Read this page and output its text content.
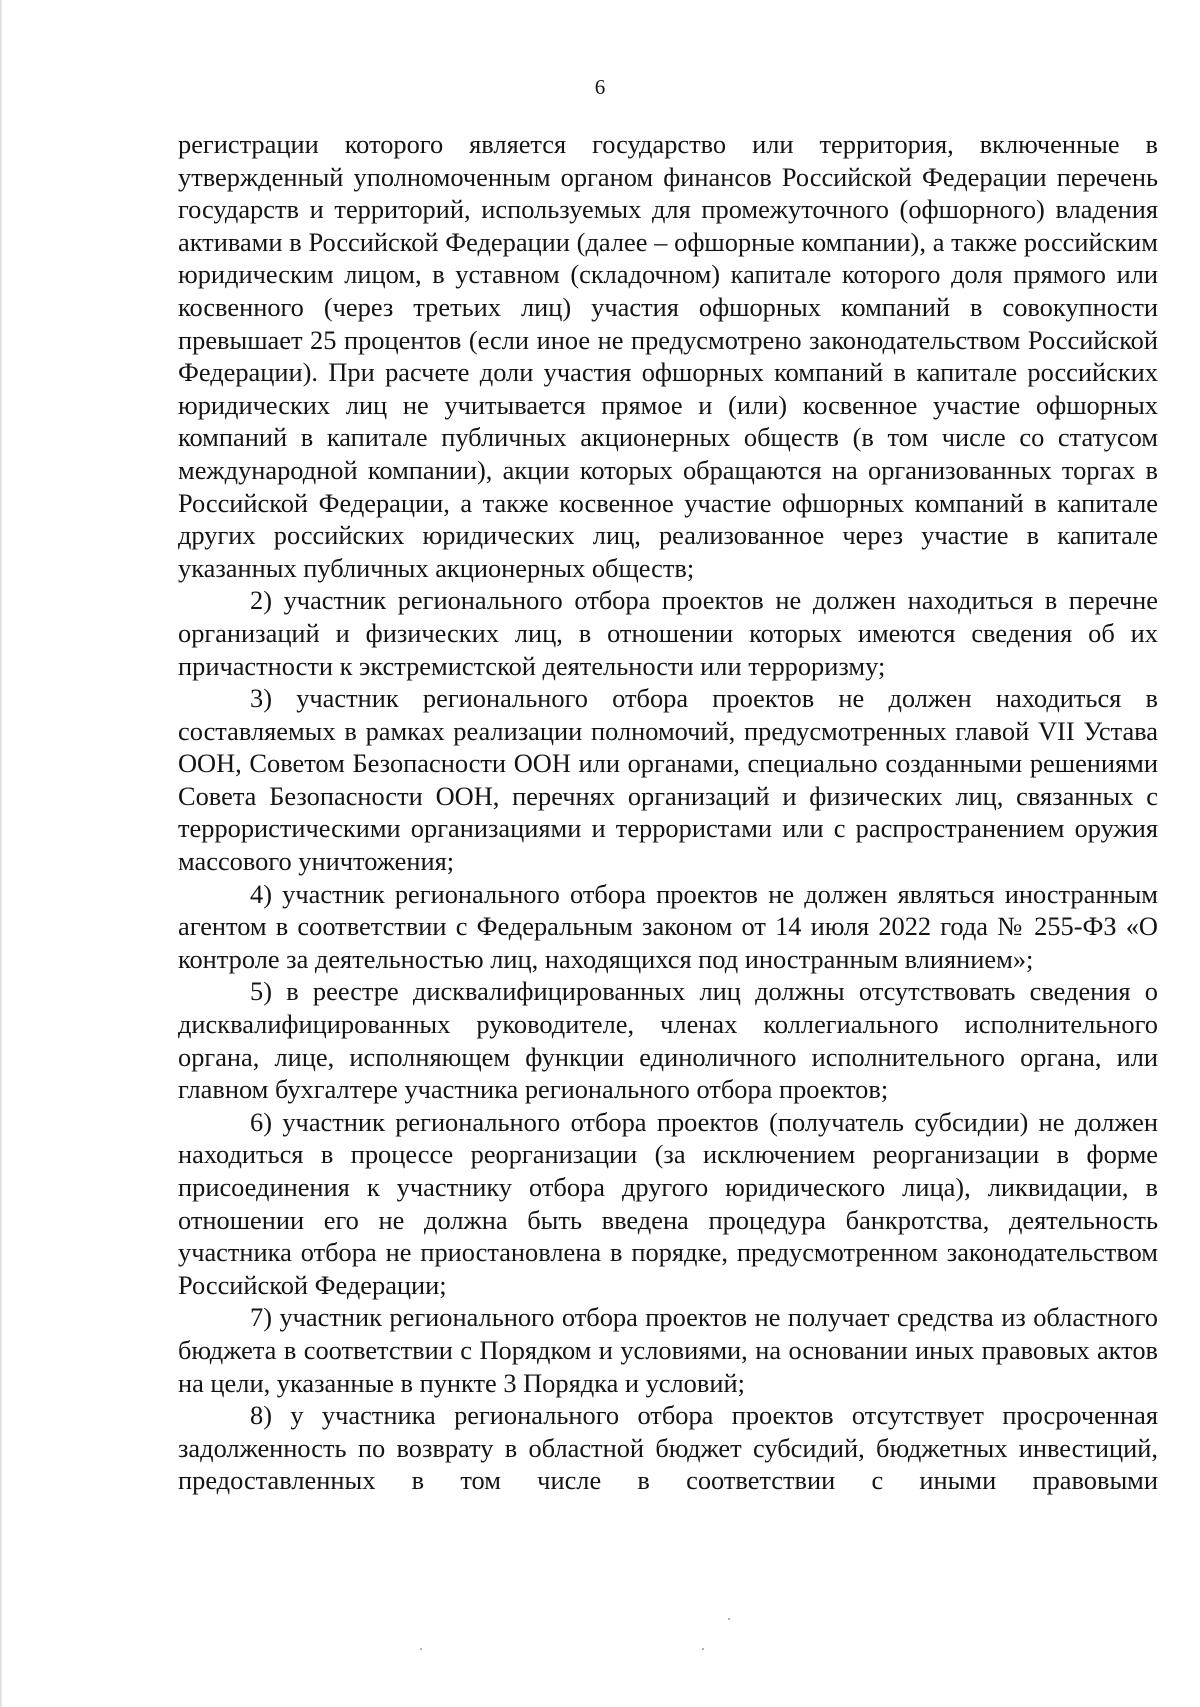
6

регистрации которого является государство или территория, включенные в утвержденный уполномоченным органом финансов Российской Федерации перечень государств и территорий, используемых для промежуточного (офшорного) владения активами в Российской Федерации (далее – офшорные компании), а также российским юридическим лицом, в уставном (складочном) капитале которого доля прямого или косвенного (через третьих лиц) участия офшорных компаний в совокупности превышает 25 процентов (если иное не предусмотрено законодательством Российской Федерации). При расчете доли участия офшорных компаний в капитале российских юридических лиц не учитывается прямое и (или) косвенное участие офшорных компаний в капитале публичных акционерных обществ (в том числе со статусом международной компании), акции которых обращаются на организованных торгах в Российской Федерации, а также косвенное участие офшорных компаний в капитале других российских юридических лиц, реализованное через участие в капитале указанных публичных акционерных обществ;

2) участник регионального отбора проектов не должен находиться в перечне организаций и физических лиц, в отношении которых имеются сведения об их причастности к экстремистской деятельности или терроризму;

3) участник регионального отбора проектов не должен находиться в составляемых в рамках реализации полномочий, предусмотренных главой VII Устава ООН, Советом Безопасности ООН или органами, специально созданными решениями Совета Безопасности ООН, перечнях организаций и физических лиц, связанных с террористическими организациями и террористами или с распространением оружия массового уничтожения;

4) участник регионального отбора проектов не должен являться иностранным агентом в соответствии с Федеральным законом от 14 июля 2022 года № 255-ФЗ «О контроле за деятельностью лиц, находящихся под иностранным влиянием»;

5) в реестре дисквалифицированных лиц должны отсутствовать сведения о дисквалифицированных руководителе, членах коллегиального исполнительного органа, лице, исполняющем функции единоличного исполнительного органа, или главном бухгалтере участника регионального отбора проектов;

6) участник регионального отбора проектов (получатель субсидии) не должен находиться в процессе реорганизации (за исключением реорганизации в форме присоединения к участнику отбора другого юридического лица), ликвидации, в отношении его не должна быть введена процедура банкротства, деятельность участника отбора не приостановлена в порядке, предусмотренном законодательством Российской Федерации;

7) участник регионального отбора проектов не получает средства из областного бюджета в соответствии с Порядком и условиями, на основании иных правовых актов на цели, указанные в пункте 3 Порядка и условий;

8) у участника регионального отбора проектов отсутствует просроченная задолженность по возврату в областной бюджет субсидий, бюджетных инвестиций, предоставленных в том числе в соответствии с иными правовыми
